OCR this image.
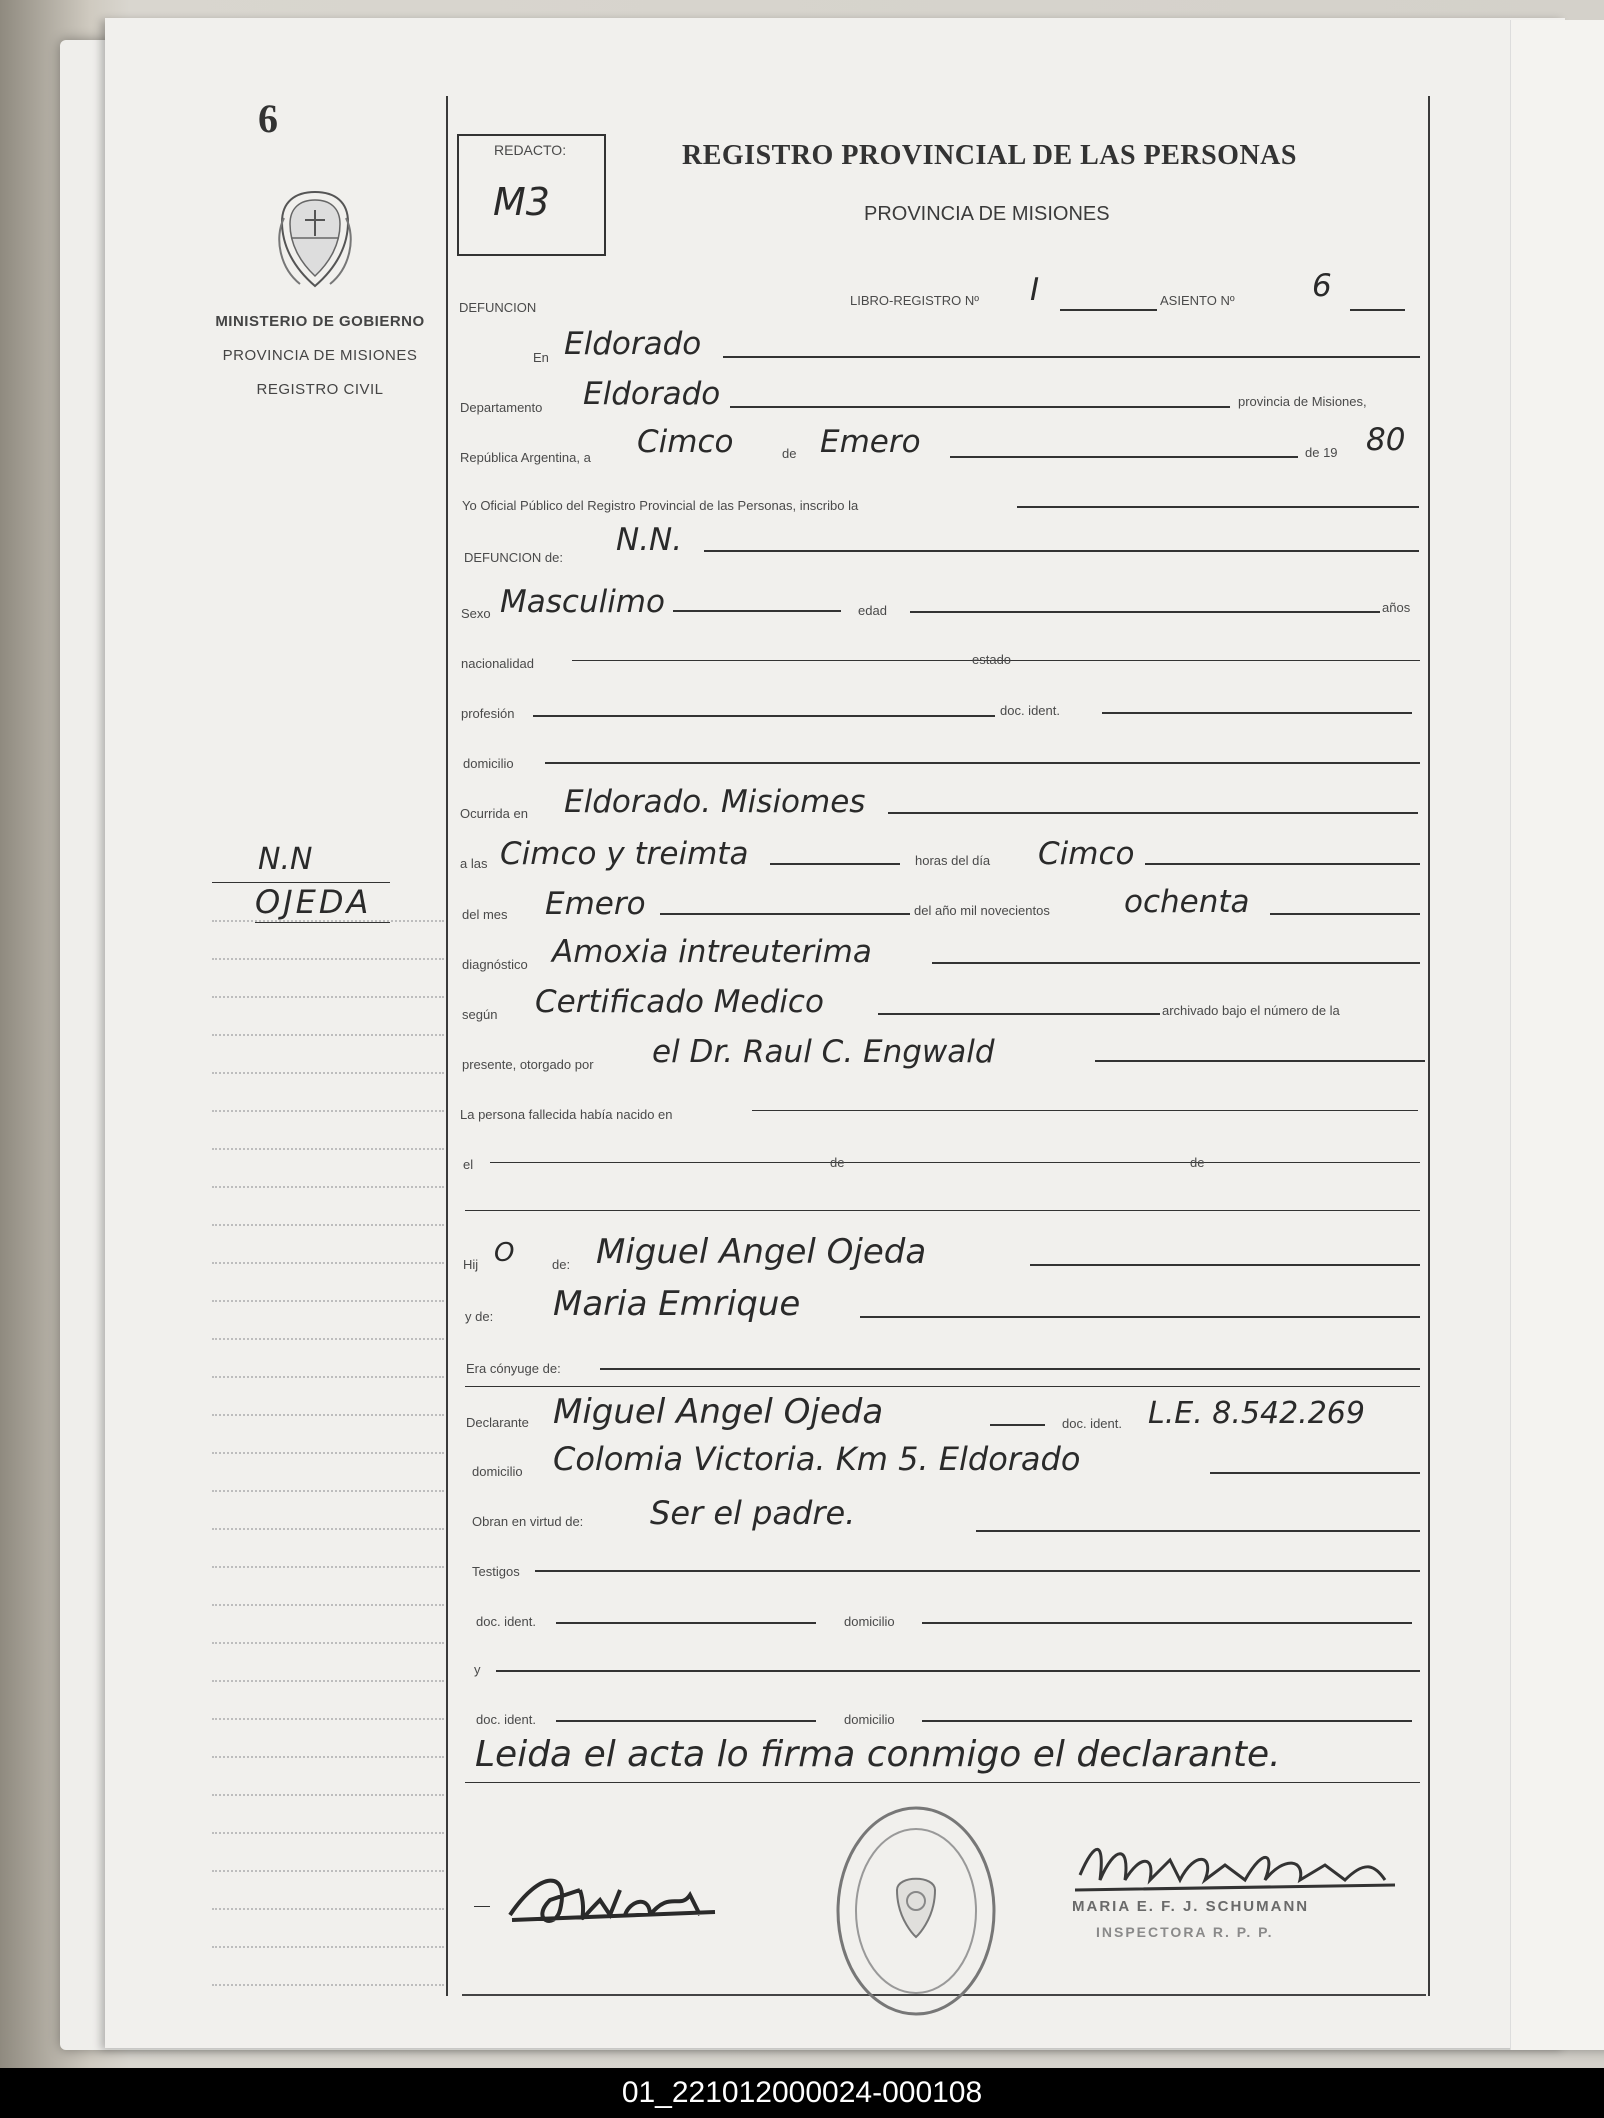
6
MINISTERIO DE GOBIERNO
PROVINCIA DE MISIONES
REGISTRO CIVIL
N.N
OJEDA
REDACTO:
M3
REGISTRO PROVINCIAL DE LAS PERSONAS
PROVINCIA DE MISIONES
DEFUNCION	LIBRO-REGISTRO Nº I	ASIENTO Nº 6
En Eldorado
Departamento Eldorado	provincia de Misiones,
República Argentina, a Cimco	de Emero	de 19 80
Yo Oficial Público del Registro Provincial de las Personas, inscribo la
DEFUNCION de: N.N.
Sexo Masculimo	edad	años
nacionalidad	estado
profesión	doc. ident.
domicilio
Ocurrida en Eldorado. Misiomes
a las Cimco y treimta	horas del día Cimco
del mes Emero	del año mil novecientos ochenta
diagnóstico Amoxia intreuterima
según Certificado Medico	archivado bajo el número de la
presente, otorgado por el Dr. Raul C. Engwald
La persona fallecida había nacido en
el	de	de
Hij O	de: Miguel Angel Ojeda
y de: Maria Emrique
Era cónyuge de:
Declarante Miguel Angel Ojeda	doc. ident. L.E. 8.542.269
domicilio Colomia Victoria. Km 5. Eldorado
Obran en virtud de: Ser el padre.
Testigos
doc. ident.	domicilio
y
doc. ident.	domicilio
Leida el acta lo firma conmigo el declarante.
MARIA E. F. J. SCHUMANN
INSPECTORA R. P. P.
01_221012000024-000108
